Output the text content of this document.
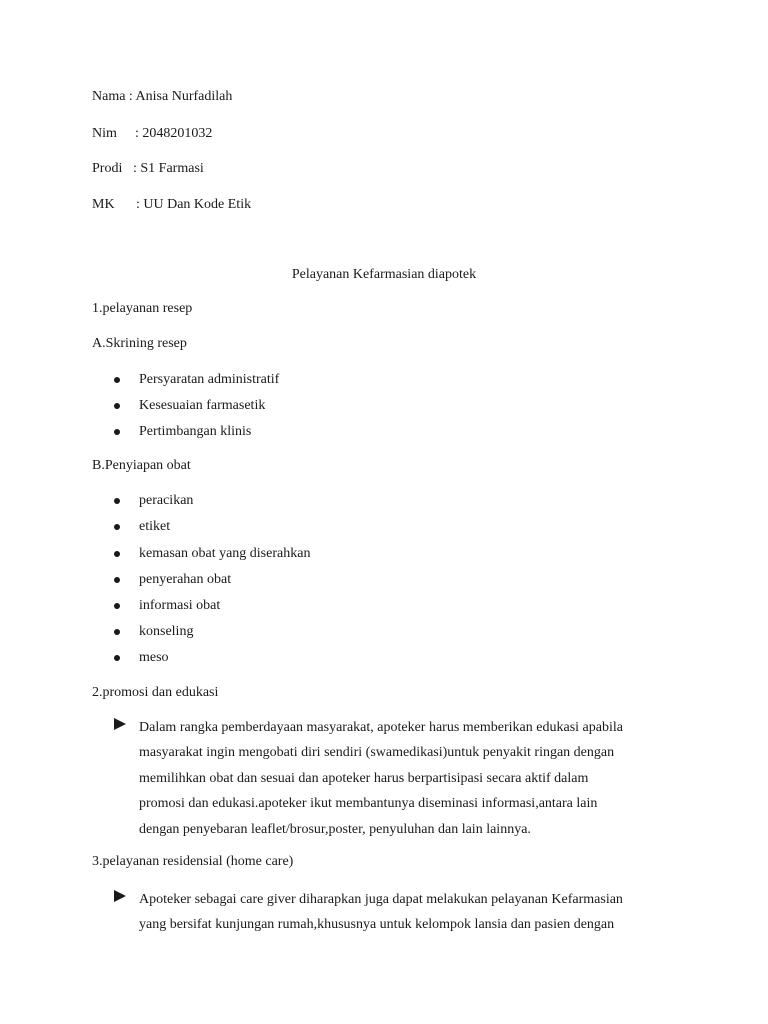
Nama : Anisa Nurfadilah
Nim : 2048201032
Prodi : S1 Farmasi
MK : UU Dan Kode Etik
Pelayanan Kefarmasian diapotek
1.pelayanan resep
A.Skrining resep
Persyaratan administratif
Kesesuaian farmasetik
Pertimbangan klinis
B.Penyiapan obat
peracikan
etiket
kemasan obat yang diserahkan
penyerahan obat
informasi obat
konseling
meso
2.promosi dan edukasi
Dalam rangka pemberdayaan masyarakat, apoteker harus memberikan edukasi apabila
masyarakat ingin mengobati diri sendiri (swamedikasi)untuk penyakit ringan dengan
memilihkan obat dan sesuai dan apoteker harus berpartisipasi secara aktif dalam
promosi dan edukasi.apoteker ikut membantunya diseminasi informasi,antara lain
dengan penyebaran leaflet/brosur,poster, penyuluhan dan lain lainnya.
3.pelayanan residensial (home care)
Apoteker sebagai care giver diharapkan juga dapat melakukan pelayanan Kefarmasian
yang bersifat kunjungan rumah,khususnya untuk kelompok lansia dan pasien dengan
